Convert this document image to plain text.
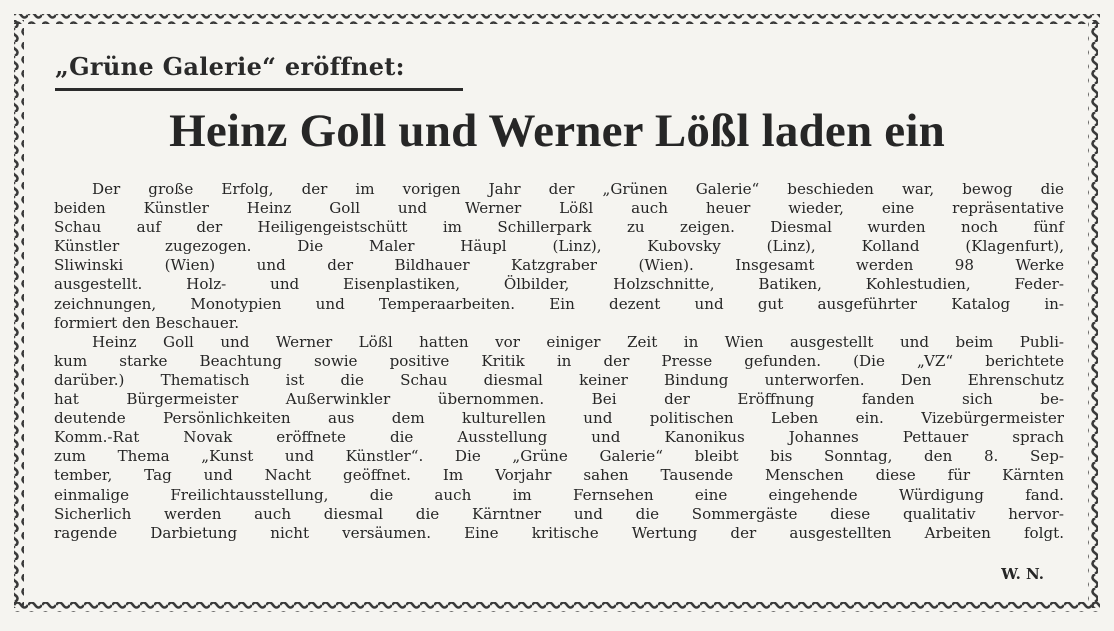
„Grüne Galerie“ eröffnet:
Heinz Goll und Werner Lößl laden ein
Der große Erfolg, der im vorigen Jahr der „Grünen Galerie“ beschieden war, bewog die
beiden Künstler Heinz Goll und Werner Lößl auch heuer wieder, eine repräsentative
Schau auf der Heiligengeistschütt im Schillerpark zu zeigen. Diesmal wurden noch fünf
Künstler zugezogen. Die Maler Häupl (Linz), Kubovsky (Linz), Kolland (Klagenfurt),
Sliwinski (Wien) und der Bildhauer Katzgraber (Wien). Insgesamt werden 98 Werke
ausgestellt. Holz- und Eisenplastiken, Ölbilder, Holzschnitte, Batiken, Kohlestudien, Feder-
zeichnungen, Monotypien und Temperaarbeiten. Ein dezent und gut ausgeführter Katalog in-
formiert den Beschauer.
Heinz Goll und Werner Lößl hatten vor einiger Zeit in Wien ausgestellt und beim Publi-
kum starke Beachtung sowie positive Kritik in der Presse gefunden. (Die „VZ“ berichtete
darüber.) Thematisch ist die Schau diesmal keiner Bindung unterworfen. Den Ehrenschutz
hat Bürgermeister Außerwinkler übernommen. Bei der Eröffnung fanden sich be-
deutende Persönlichkeiten aus dem kulturellen und politischen Leben ein. Vizebürgermeister
Komm.-Rat Novak eröffnete die Ausstellung und Kanonikus Johannes Pettauer sprach
zum Thema „Kunst und Künstler“. Die „Grüne Galerie“ bleibt bis Sonntag, den 8. Sep-
tember, Tag und Nacht geöffnet. Im Vorjahr sahen Tausende Menschen diese für Kärnten
einmalige Freilichtausstellung, die auch im Fernsehen eine eingehende Würdigung fand.
Sicherlich werden auch diesmal die Kärntner und die Sommergäste diese qualitativ hervor-
ragende Darbietung nicht versäumen. Eine kritische Wertung der ausgestellten Arbeiten folgt.
W. N.
